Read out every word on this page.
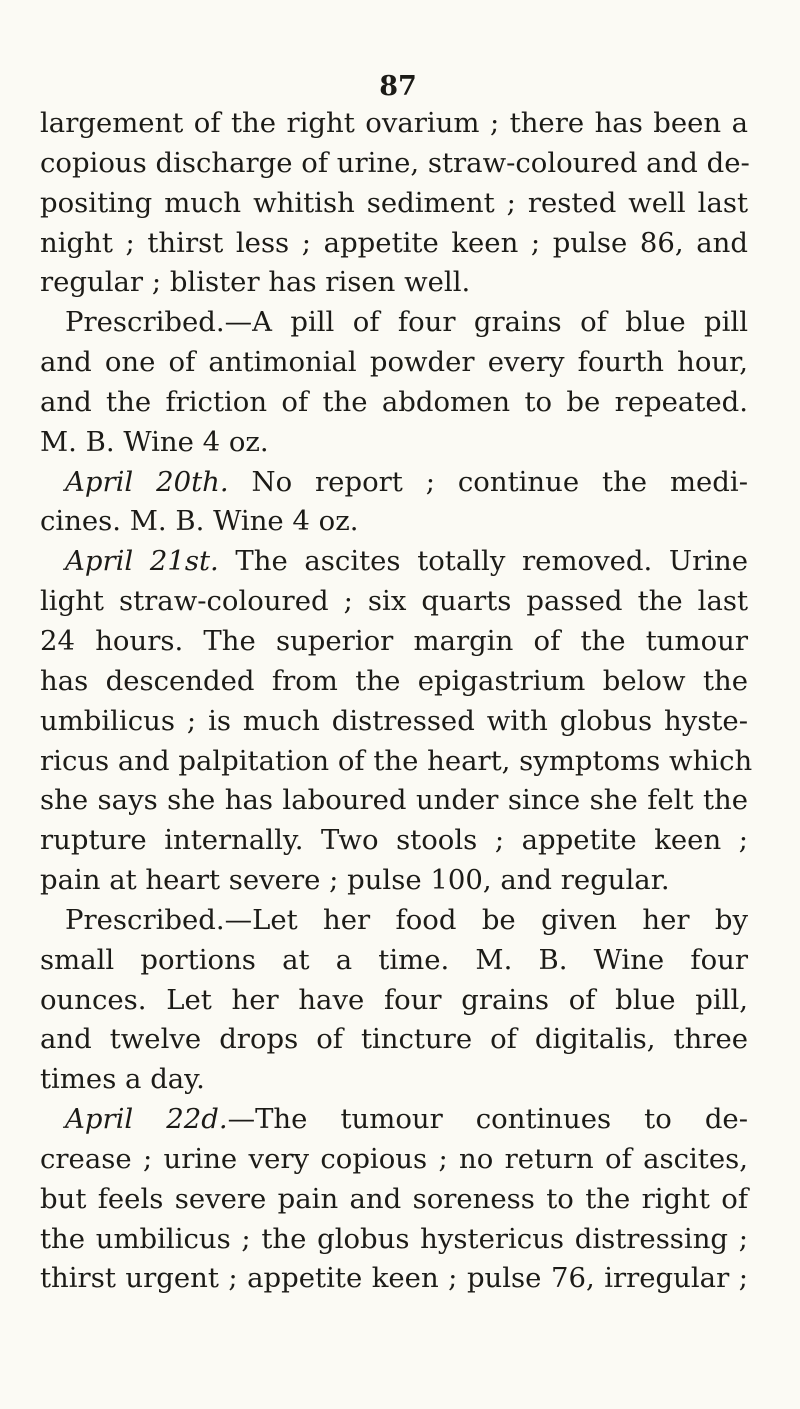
87
largement of the right ovarium ; there has been a
copious discharge of urine, straw-coloured and de-
positing much whitish sediment ; rested well last
night ; thirst less ; appetite keen ; pulse 86, and
regular ; blister has risen well.
Prescribed.—A pill of four grains of blue pill
and one of antimonial powder every fourth hour,
and the friction of the abdomen to be repeated.
M. B. Wine 4 oz.
April 20th. No report ; continue the medi-
cines. M. B. Wine 4 oz.
April 21st. The ascites totally removed. Urine
light straw-coloured ; six quarts passed the last
24 hours. The superior margin of the tumour
has descended from the epigastrium below the
umbilicus ; is much distressed with globus hyste-
ricus and palpitation of the heart, symptoms which
she says she has laboured under since she felt the
rupture internally. Two stools ; appetite keen ;
pain at heart severe ; pulse 100, and regular.
Prescribed.—Let her food be given her by
small portions at a time. M. B. Wine four
ounces. Let her have four grains of blue pill,
and twelve drops of tincture of digitalis, three
times a day.
April 22d.—The tumour continues to de-
crease ; urine very copious ; no return of ascites,
but feels severe pain and soreness to the right of
the umbilicus ; the globus hystericus distressing ;
thirst urgent ; appetite keen ; pulse 76, irregular ;
